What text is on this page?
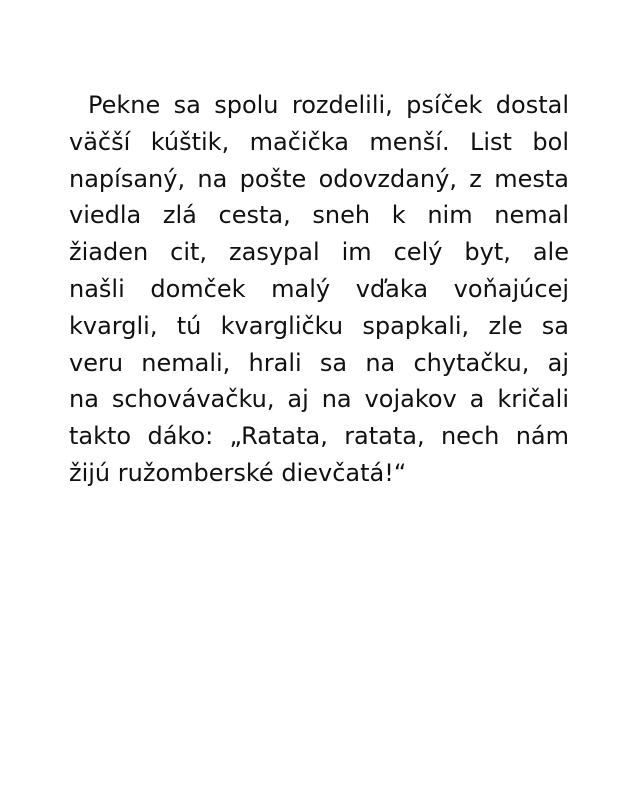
Pekne sa spolu rozdelili, psíček dostal
väčší kúštik, mačička menší. List bol
napísaný, na pošte odovzdaný, z mesta
viedla zlá cesta, sneh k nim nemal
žiaden cit, zasypal im celý byt, ale
našli domček malý vďaka voňajúcej
kvargli, tú kvargličku spapkali, zle sa
veru nemali, hrali sa na chytačku, aj
na schovávačku, aj na vojakov a kričali
takto dáko: „Ratata, ratata, nech nám
žijú ružomberské dievčatá!“
